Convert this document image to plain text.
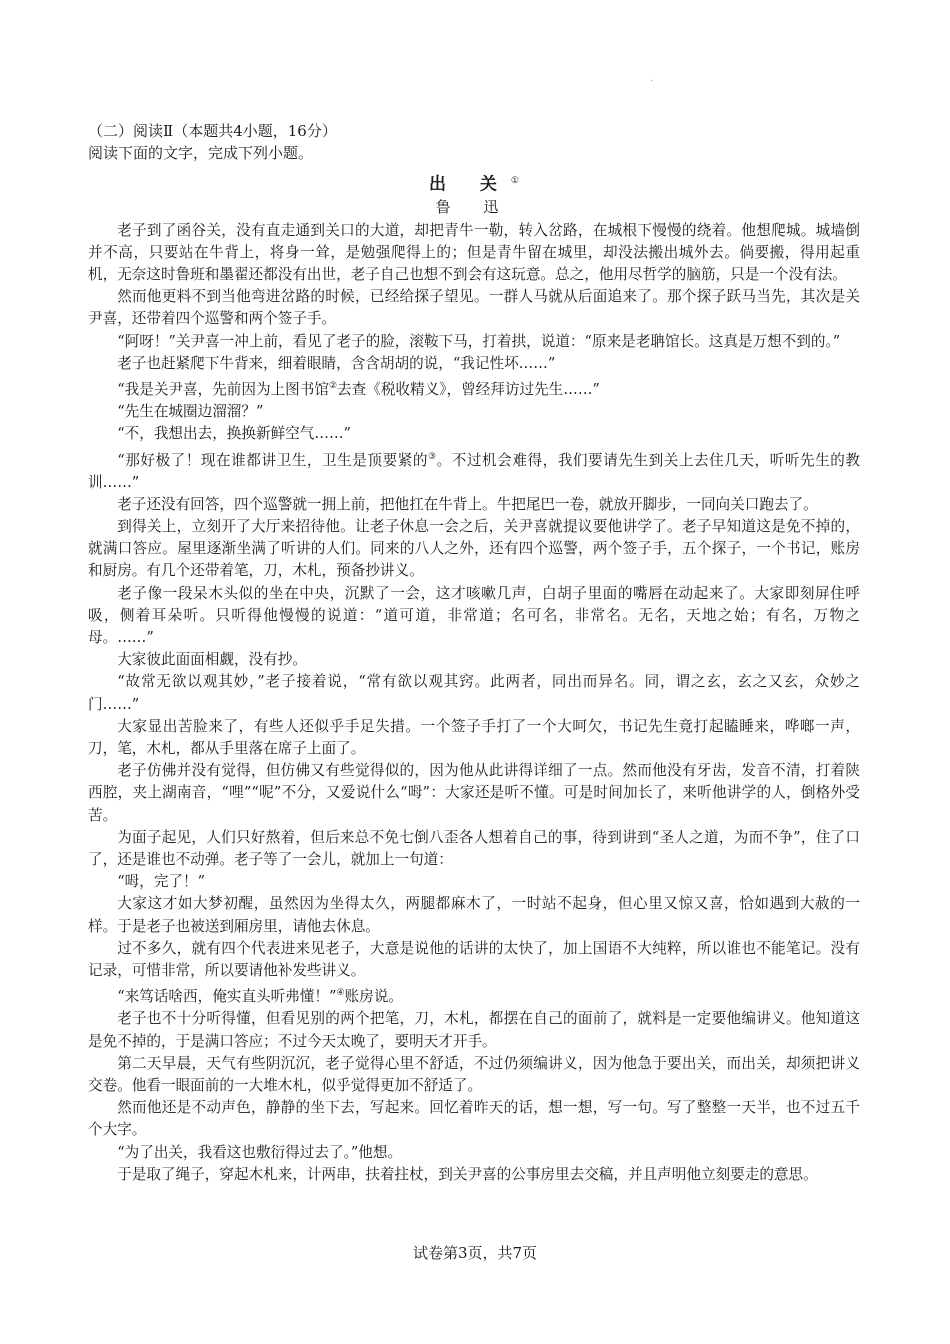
·

（二）阅读Ⅱ（本题共4小题，16分）

阅读下面的文字，完成下列小题。

出 关①

鲁 迅

老子到了函谷关，没有直走通到关口的大道，却把青牛一勒，转入岔路，在城根下慢慢的绕着。他想爬城。城墙倒并不高，只要站在牛背上，将身一耸，是勉强爬得上的；但是青牛留在城里，却没法搬出城外去。倘要搬，得用起重机，无奈这时鲁班和墨翟还都没有出世，老子自己也想不到会有这玩意。总之，他用尽哲学的脑筋，只是一个没有法。

然而他更料不到当他弯进岔路的时候，已经给探子望见。一群人马就从后面追来了。那个探子跃马当先，其次是关尹喜，还带着四个巡警和两个签子手。

“阿呀！”关尹喜一冲上前，看见了老子的脸，滚鞍下马，打着拱，说道：“原来是老聃馆长。这真是万想不到的。”

老子也赶紧爬下牛背来，细着眼睛，含含胡胡的说，“我记性坏……”

“我是关尹喜，先前因为上图书馆②去查《税收精义》，曾经拜访过先生……”

“先生在城圈边溜溜？”

“不，我想出去，换换新鲜空气……”

“那好极了！现在谁都讲卫生，卫生是顶要紧的③。不过机会难得，我们要请先生到关上去住几天，听听先生的教训……”

老子还没有回答，四个巡警就一拥上前，把他扛在牛背上。牛把尾巴一卷，就放开脚步，一同向关口跑去了。

到得关上，立刻开了大厅来招待他。让老子休息一会之后，关尹喜就提议要他讲学了。老子早知道这是免不掉的，就满口答应。屋里逐渐坐满了听讲的人们。同来的八人之外，还有四个巡警，两个签子手，五个探子，一个书记，账房和厨房。有几个还带着笔，刀，木札，预备抄讲义。

老子像一段呆木头似的坐在中央，沉默了一会，这才咳嗽几声，白胡子里面的嘴唇在动起来了。大家即刻屏住呼吸，侧着耳朵听。只听得他慢慢的说道：“道可道，非常道；名可名，非常名。无名，天地之始；有名，万物之母。……”

大家彼此面面相觑，没有抄。

“故常无欲以观其妙，”老子接着说，“常有欲以观其窍。此两者，同出而异名。同，谓之玄，玄之又玄，众妙之门……”

大家显出苦脸来了，有些人还似乎手足失措。一个签子手打了一个大呵欠，书记先生竟打起瞌睡来，哗啷一声，刀，笔，木札，都从手里落在席子上面了。

老子仿佛并没有觉得，但仿佛又有些觉得似的，因为他从此讲得详细了一点。然而他没有牙齿，发音不清，打着陕西腔，夹上湖南音，“哩”“呢”不分，又爱说什么“呣”：大家还是听不懂。可是时间加长了，来听他讲学的人，倒格外受苦。

为面子起见，人们只好熬着，但后来总不免七倒八歪各人想着自己的事，待到讲到“圣人之道，为而不争”，住了口了，还是谁也不动弹。老子等了一会儿，就加上一句道：

“呣，完了！”

大家这才如大梦初醒，虽然因为坐得太久，两腿都麻木了，一时站不起身，但心里又惊又喜，恰如遇到大赦的一样。于是老子也被送到厢房里，请他去休息。

过不多久，就有四个代表进来见老子，大意是说他的话讲的太快了，加上国语不大纯粹，所以谁也不能笔记。没有记录，可惜非常，所以要请他补发些讲义。

“来笃话啥西，俺实直头听弗懂！”④账房说。

老子也不十分听得懂，但看见别的两个把笔，刀，木札，都摆在自己的面前了，就料是一定要他编讲义。他知道这是免不掉的，于是满口答应；不过今天太晚了，要明天才开手。

第二天早晨，天气有些阴沉沉，老子觉得心里不舒适，不过仍须编讲义，因为他急于要出关，而出关，却须把讲义交卷。他看一眼面前的一大堆木札，似乎觉得更加不舒适了。

然而他还是不动声色，静静的坐下去，写起来。回忆着昨天的话，想一想，写一句。写了整整一天半，也不过五千个大字。

“为了出关，我看这也敷衍得过去了。”他想。

于是取了绳子，穿起木札来，计两串，扶着拄杖，到关尹喜的公事房里去交稿，并且声明他立刻要走的意思。

试卷第3页，共7页
